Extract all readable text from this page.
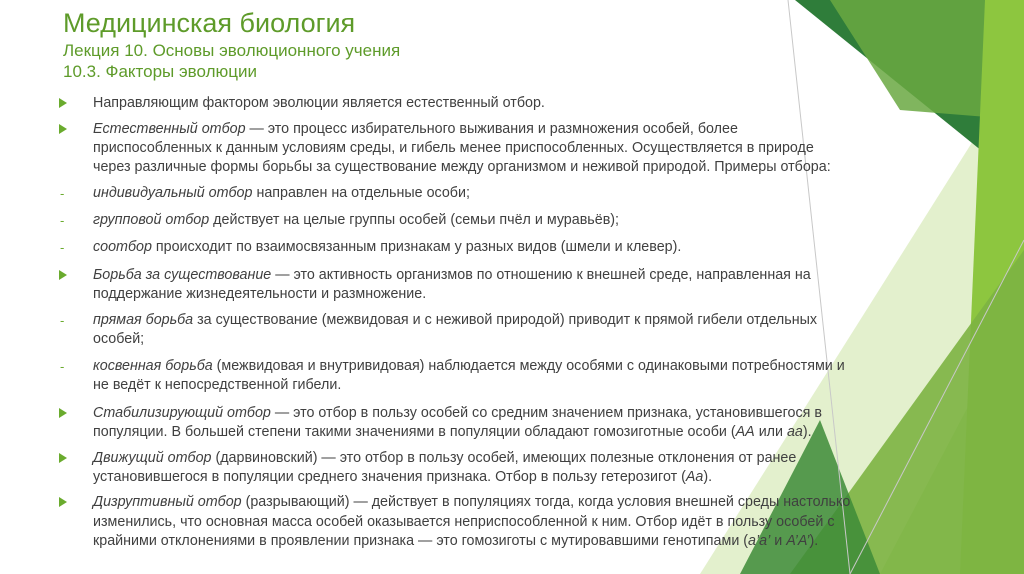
Медицинская биология
Лекция 10. Основы эволюционного учения
10.3. Факторы эволюции
Направляющим фактором эволюции является естественный отбор.
Естественный отбор — это процесс избирательного выживания и размножения особей, более
приспособленных к данным условиям среды, и гибель менее приспособленных. Осуществляется в природе
через различные формы борьбы за существование между организмом и неживой природой. Примеры отбора:
- индивидуальный отбор направлен на отдельные особи;
- групповой отбор действует на целые группы особей (семьи пчёл и муравьёв);
- соотбор происходит по взаимосвязанным признакам у разных видов (шмели и клевер).
Борьба за существование — это активность организмов по отношению к внешней среде, направленная на
поддержание жизнедеятельности и размножение.
- прямая борьба за существование (межвидовая и с неживой природой) приводит к прямой гибели отдельных
особей;
- косвенная борьба (межвидовая и внутривидовая) наблюдается между особями с одинаковыми потребностями и
не ведёт к непосредственной гибели.
Стабилизирующий отбор — это отбор в пользу особей со средним значением признака, установившегося в
популяции. В большей степени такими значениями в популяции обладают гомозиготные особи (АА или аа).
Движущий отбор (дарвиновский) — это отбор в пользу особей, имеющих полезные отклонения от ранее
установившегося в популяции среднего значения признака. Отбор в пользу гетерозигот (Аа).
Дизруптивный отбор (разрывающий) — действует в популяциях тогда, когда условия внешней среды настолько
изменились, что основная масса особей оказывается неприспособленной к ним. Отбор идёт в пользу особей с
крайними отклонениями в проявлении признака — это гомозиготы с мутировавшими генотипами (а’а’ и А’А’).
